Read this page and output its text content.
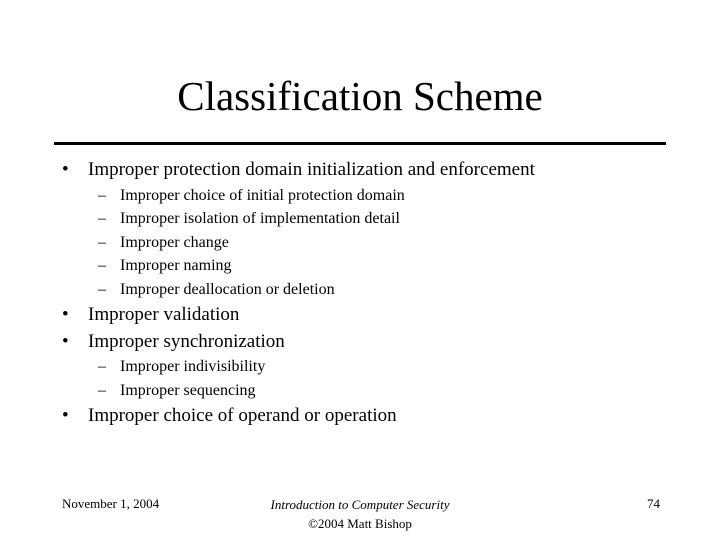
Classification Scheme
• Improper protection domain initialization and enforcement
– Improper choice of initial protection domain
– Improper isolation of implementation detail
– Improper change
– Improper naming
– Improper deallocation or deletion
• Improper validation
• Improper synchronization
– Improper indivisibility
– Improper sequencing
• Improper choice of operand or operation
November 1, 2004	Introduction to Computer Security
©2004 Matt Bishop
74
